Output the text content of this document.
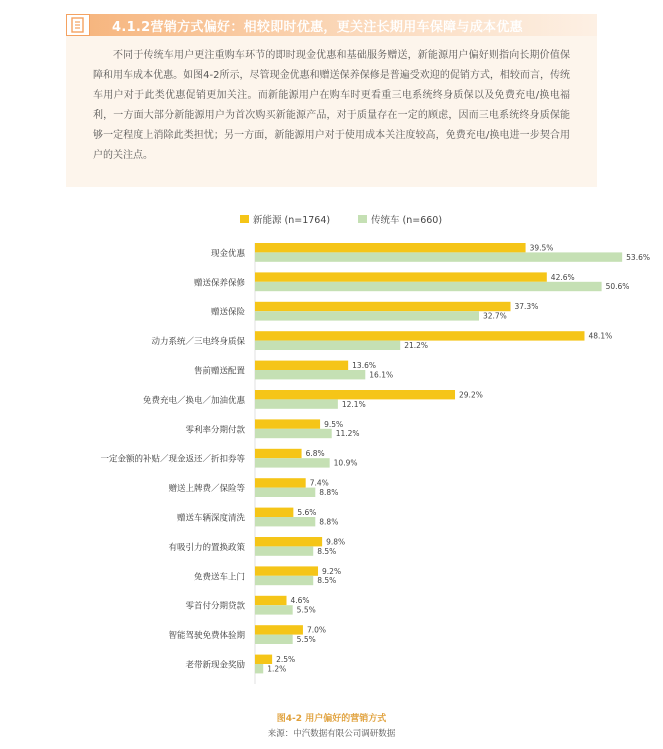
4.1.2营销方式偏好：相较即时优惠，更关注长期用车保障与成本优惠

不同于传统车用户更注重购车环节的即时现金优惠和基础服务赠送，新能源用户偏好则指向长期价值保障和用车成本优惠。如图4-2所示，尽管现金优惠和赠送保养保修是普遍受欢迎的促销方式，相较而言，传统车用户对于此类优惠促销更加关注。而新能源用户在购车时更看重三电系统终身质保以及免费充电/换电福利，一方面大部分新能源用户为首次购买新能源产品，对于质量存在一定的顾虑，因而三电系统终身质保能够一定程度上消除此类担忧；另一方面，新能源用户对于使用成本关注度较高，免费充电/换电进一步契合用户的关注点。

新能源 (n=1764)	传统车 (n=660)
现金优惠
39.5%
53.6%
赠送保养保修
42.6%
50.6%
赠送保险
37.3%
32.7%
动力系统／三电终身质保
48.1%
21.2%
售前赠送配置
13.6%
16.1%
免费充电／换电／加油优惠
29.2%
12.1%
零利率分期付款
9.5%
11.2%
一定金额的补贴／现金返还／折扣券等
6.8%
10.9%
赠送上牌费／保险等
7.4%
8.8%
赠送车辆深度清洗
5.6%
8.8%
有吸引力的置换政策
9.8%
8.5%
免费送车上门
9.2%
8.5%
零首付分期贷款
4.6%
5.5%
智能驾驶免费体验期
7.0%
5.5%
老带新现金奖励
2.5%
1.2%
图4-2 用户偏好的营销方式
来源：中汽数据有限公司调研数据
